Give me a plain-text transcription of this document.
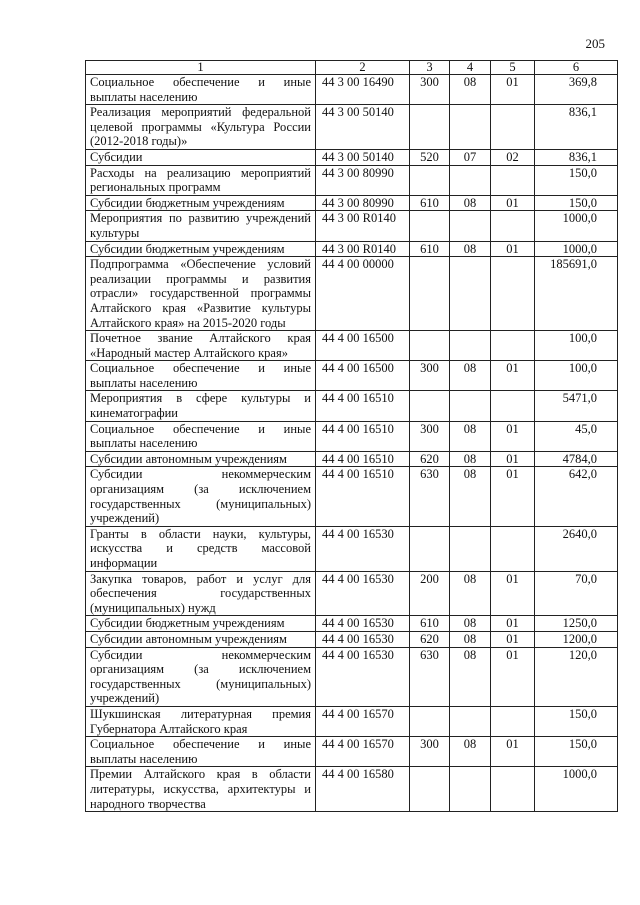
205
1	2	3	4	5	6
Социальное обеспечение и иные выплаты населению	44 3 00 16490	300	08	01	369,8
Реализация мероприятий федеральной целевой программы «Культура России (2012-2018 годы)»	44 3 00 50140				836,1
Субсидии	44 3 00 50140	520	07	02	836,1
Расходы на реализацию мероприятий региональных программ	44 3 00 80990				150,0
Субсидии бюджетным учреждениям	44 3 00 80990	610	08	01	150,0
Мероприятия по развитию учреждений культуры	44 3 00 R0140				1000,0
Субсидии бюджетным учреждениям	44 3 00 R0140	610	08	01	1000,0
Подпрограмма «Обеспечение условий реализации программы и развития отрасли» государственной программы Алтайского края «Развитие культуры Алтайского края» на 2015-2020 годы	44 4 00 00000				185691,0
Почетное звание Алтайского края «Народный мастер Алтайского края»	44 4 00 16500				100,0
Социальное обеспечение и иные выплаты населению	44 4 00 16500	300	08	01	100,0
Мероприятия в сфере культуры и кинематографии	44 4 00 16510				5471,0
Социальное обеспечение и иные выплаты населению	44 4 00 16510	300	08	01	45,0
Субсидии автономным учреждениям	44 4 00 16510	620	08	01	4784,0
Субсидии некоммерческим организациям (за исключением государственных (муниципальных) учреждений)	44 4 00 16510	630	08	01	642,0
Гранты в области науки, культуры, искусства и средств массовой информации	44 4 00 16530				2640,0
Закупка товаров, работ и услуг для обеспечения государственных (муниципальных) нужд	44 4 00 16530	200	08	01	70,0
Субсидии бюджетным учреждениям	44 4 00 16530	610	08	01	1250,0
Субсидии автономным учреждениям	44 4 00 16530	620	08	01	1200,0
Субсидии некоммерческим организациям (за исключением государственных (муниципальных) учреждений)	44 4 00 16530	630	08	01	120,0
Шукшинская литературная премия Губернатора Алтайского края	44 4 00 16570				150,0
Социальное обеспечение и иные выплаты населению	44 4 00 16570	300	08	01	150,0
Премии Алтайского края в области литературы, искусства, архитектуры и народного творчества	44 4 00 16580				1000,0
